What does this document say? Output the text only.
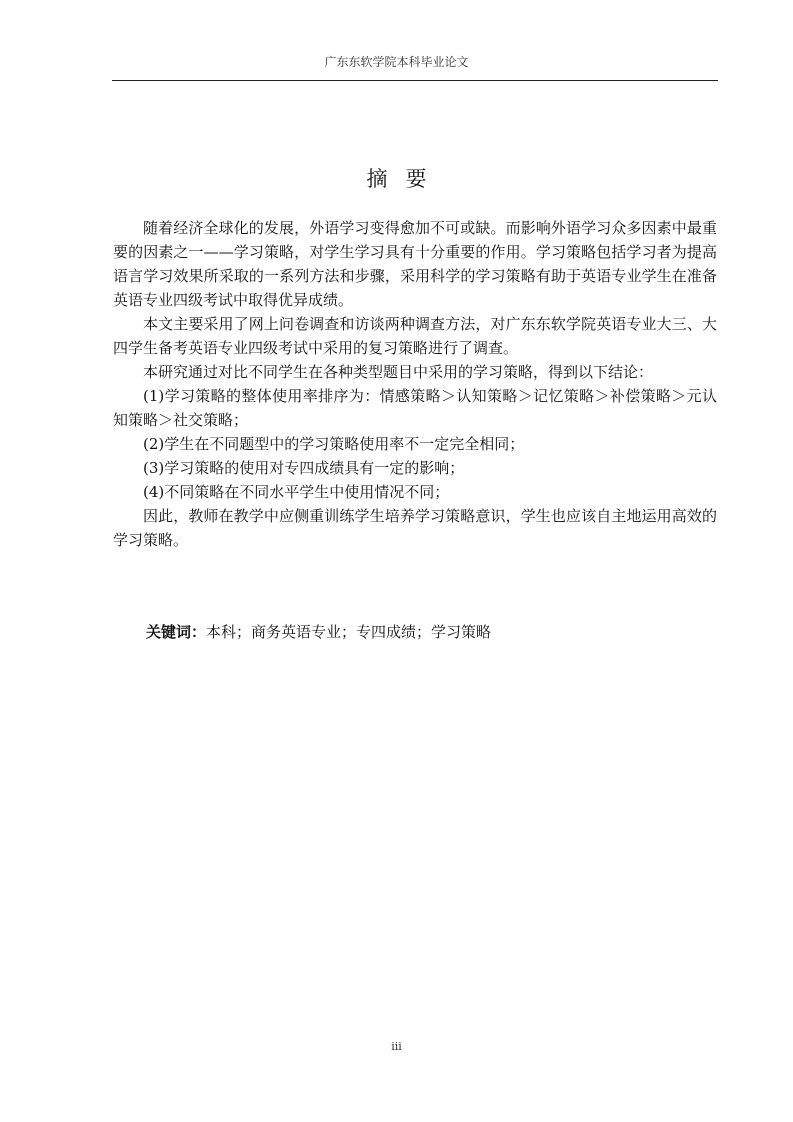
广东东软学院本科毕业论文
摘要

随着经济全球化的发展，外语学习变得愈加不可或缺。而影响外语学习众多因素中最重要的因素之一——学习策略，对学生学习具有十分重要的作用。学习策略包括学习者为提高语言学习效果所采取的一系列方法和步骤，采用科学的学习策略有助于英语专业学生在准备英语专业四级考试中取得优异成绩。

本文主要采用了网上问卷调查和访谈两种调查方法，对广东东软学院英语专业大三、大四学生备考英语专业四级考试中采用的复习策略进行了调查。

本研究通过对比不同学生在各种类型题目中采用的学习策略，得到以下结论：

(1)学习策略的整体使用率排序为：情感策略＞认知策略＞记忆策略＞补偿策略＞元认知策略＞社交策略；

(2)学生在不同题型中的学习策略使用率不一定完全相同；

(3)学习策略的使用对专四成绩具有一定的影响；

(4)不同策略在不同水平学生中使用情况不同；

因此，教师在教学中应侧重训练学生培养学习策略意识，学生也应该自主地运用高效的学习策略。

关键词：本科；商务英语专业；专四成绩；学习策略
iii
